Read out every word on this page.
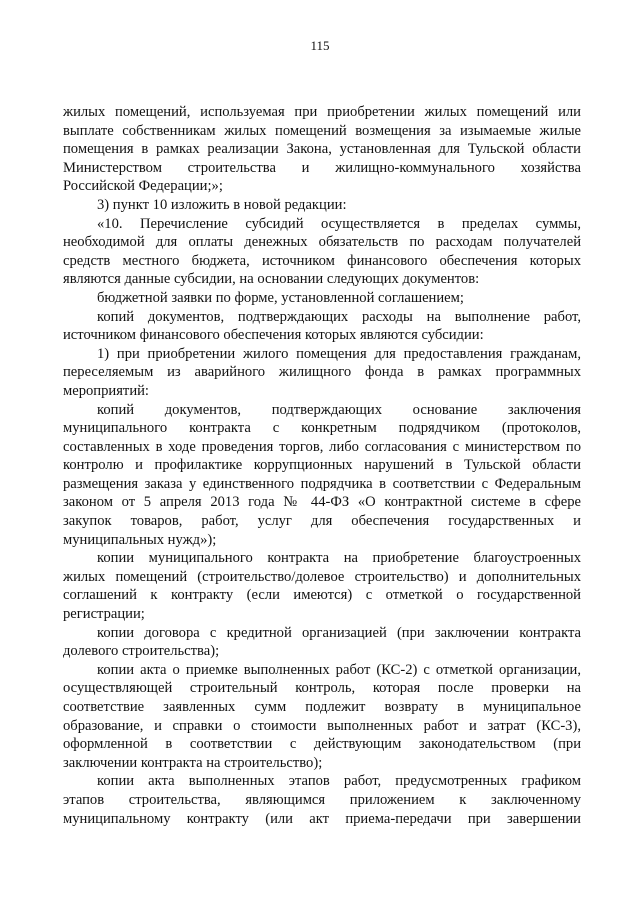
115

жилых помещений, используемая при приобретении жилых помещений или

выплате собственникам жилых помещений возмещения за изымаемые жилые

помещения в рамках реализации Закона, установленная для Тульской области

Министерством строительства и жилищно-коммунального хозяйства

Российской Федерации;»;

3) пункт 10 изложить в новой редакции:

«10. Перечисление субсидий осуществляется в пределах суммы,

необходимой для оплаты денежных обязательств по расходам получателей

средств местного бюджета, источником финансового обеспечения которых

являются данные субсидии, на основании следующих документов:

бюджетной заявки по форме, установленной соглашением;

копий документов, подтверждающих расходы на выполнение работ,

источником финансового обеспечения которых являются субсидии:

1) при приобретении жилого помещения для предоставления гражданам,

переселяемым из аварийного жилищного фонда в рамках программных

мероприятий:

копий документов, подтверждающих основание заключения

муниципального контракта с конкретным подрядчиком (протоколов,

составленных в ходе проведения торгов, либо согласования с министерством по

контролю и профилактике коррупционных нарушений в Тульской области

размещения заказа у единственного подрядчика в соответствии с Федеральным

законом от 5 апреля 2013 года № 44-ФЗ «О контрактной системе в сфере

закупок товаров, работ, услуг для обеспечения государственных и

муниципальных нужд»);

копии муниципального контракта на приобретение благоустроенных

жилых помещений (строительство/долевое строительство) и дополнительных

соглашений к контракту (если имеются) с отметкой о государственной

регистрации;

копии договора с кредитной организацией (при заключении контракта

долевого строительства);

копии акта о приемке выполненных работ (КС-2) с отметкой организации,

осуществляющей строительный контроль, которая после проверки на

соответствие заявленных сумм подлежит возврату в муниципальное

образование, и справки о стоимости выполненных работ и затрат (КС-3),

оформленной в соответствии с действующим законодательством (при

заключении контракта на строительство);

копии акта выполненных этапов работ, предусмотренных графиком

этапов строительства, являющимся приложением к заключенному

муниципальному контракту (или акт приема-передачи при завершении
